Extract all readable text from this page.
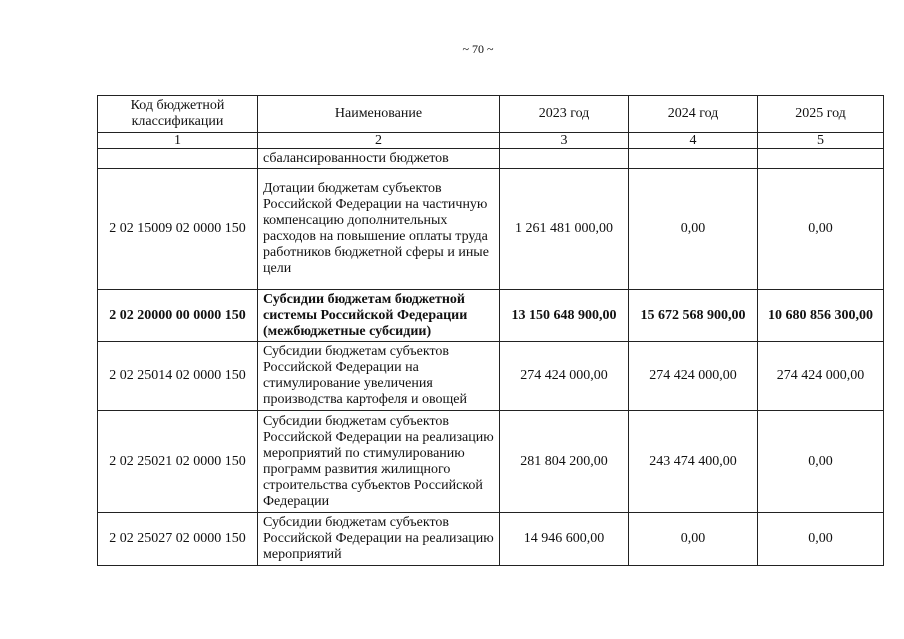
~ 70 ~
Код бюджетной классификации	Наименование	2023 год	2024 год	2025 год
1	2	3	4	5
	сбалансированности бюджетов			
2 02 15009 02 0000 150	Дотации бюджетам субъектов Российской Федерации на частичную компенсацию дополнительных расходов на повышение оплаты труда работников бюджетной сферы и иные цели	1 261 481 000,00	0,00	0,00
2 02 20000 00 0000 150	Субсидии бюджетам бюджетной системы Российской Федерации (межбюджетные субсидии)	13 150 648 900,00	15 672 568 900,00	10 680 856 300,00
2 02 25014 02 0000 150	Субсидии бюджетам субъектов Российской Федерации на стимулирование увеличения производства картофеля и овощей	274 424 000,00	274 424 000,00	274 424 000,00
2 02 25021 02 0000 150	Субсидии бюджетам субъектов Российской Федерации на реализацию мероприятий по стимулированию программ развития жилищного строительства субъектов Российской Федерации	281 804 200,00	243 474 400,00	0,00
2 02 25027 02 0000 150	Субсидии бюджетам субъектов Российской Федерации на реализацию мероприятий	14 946 600,00	0,00	0,00
